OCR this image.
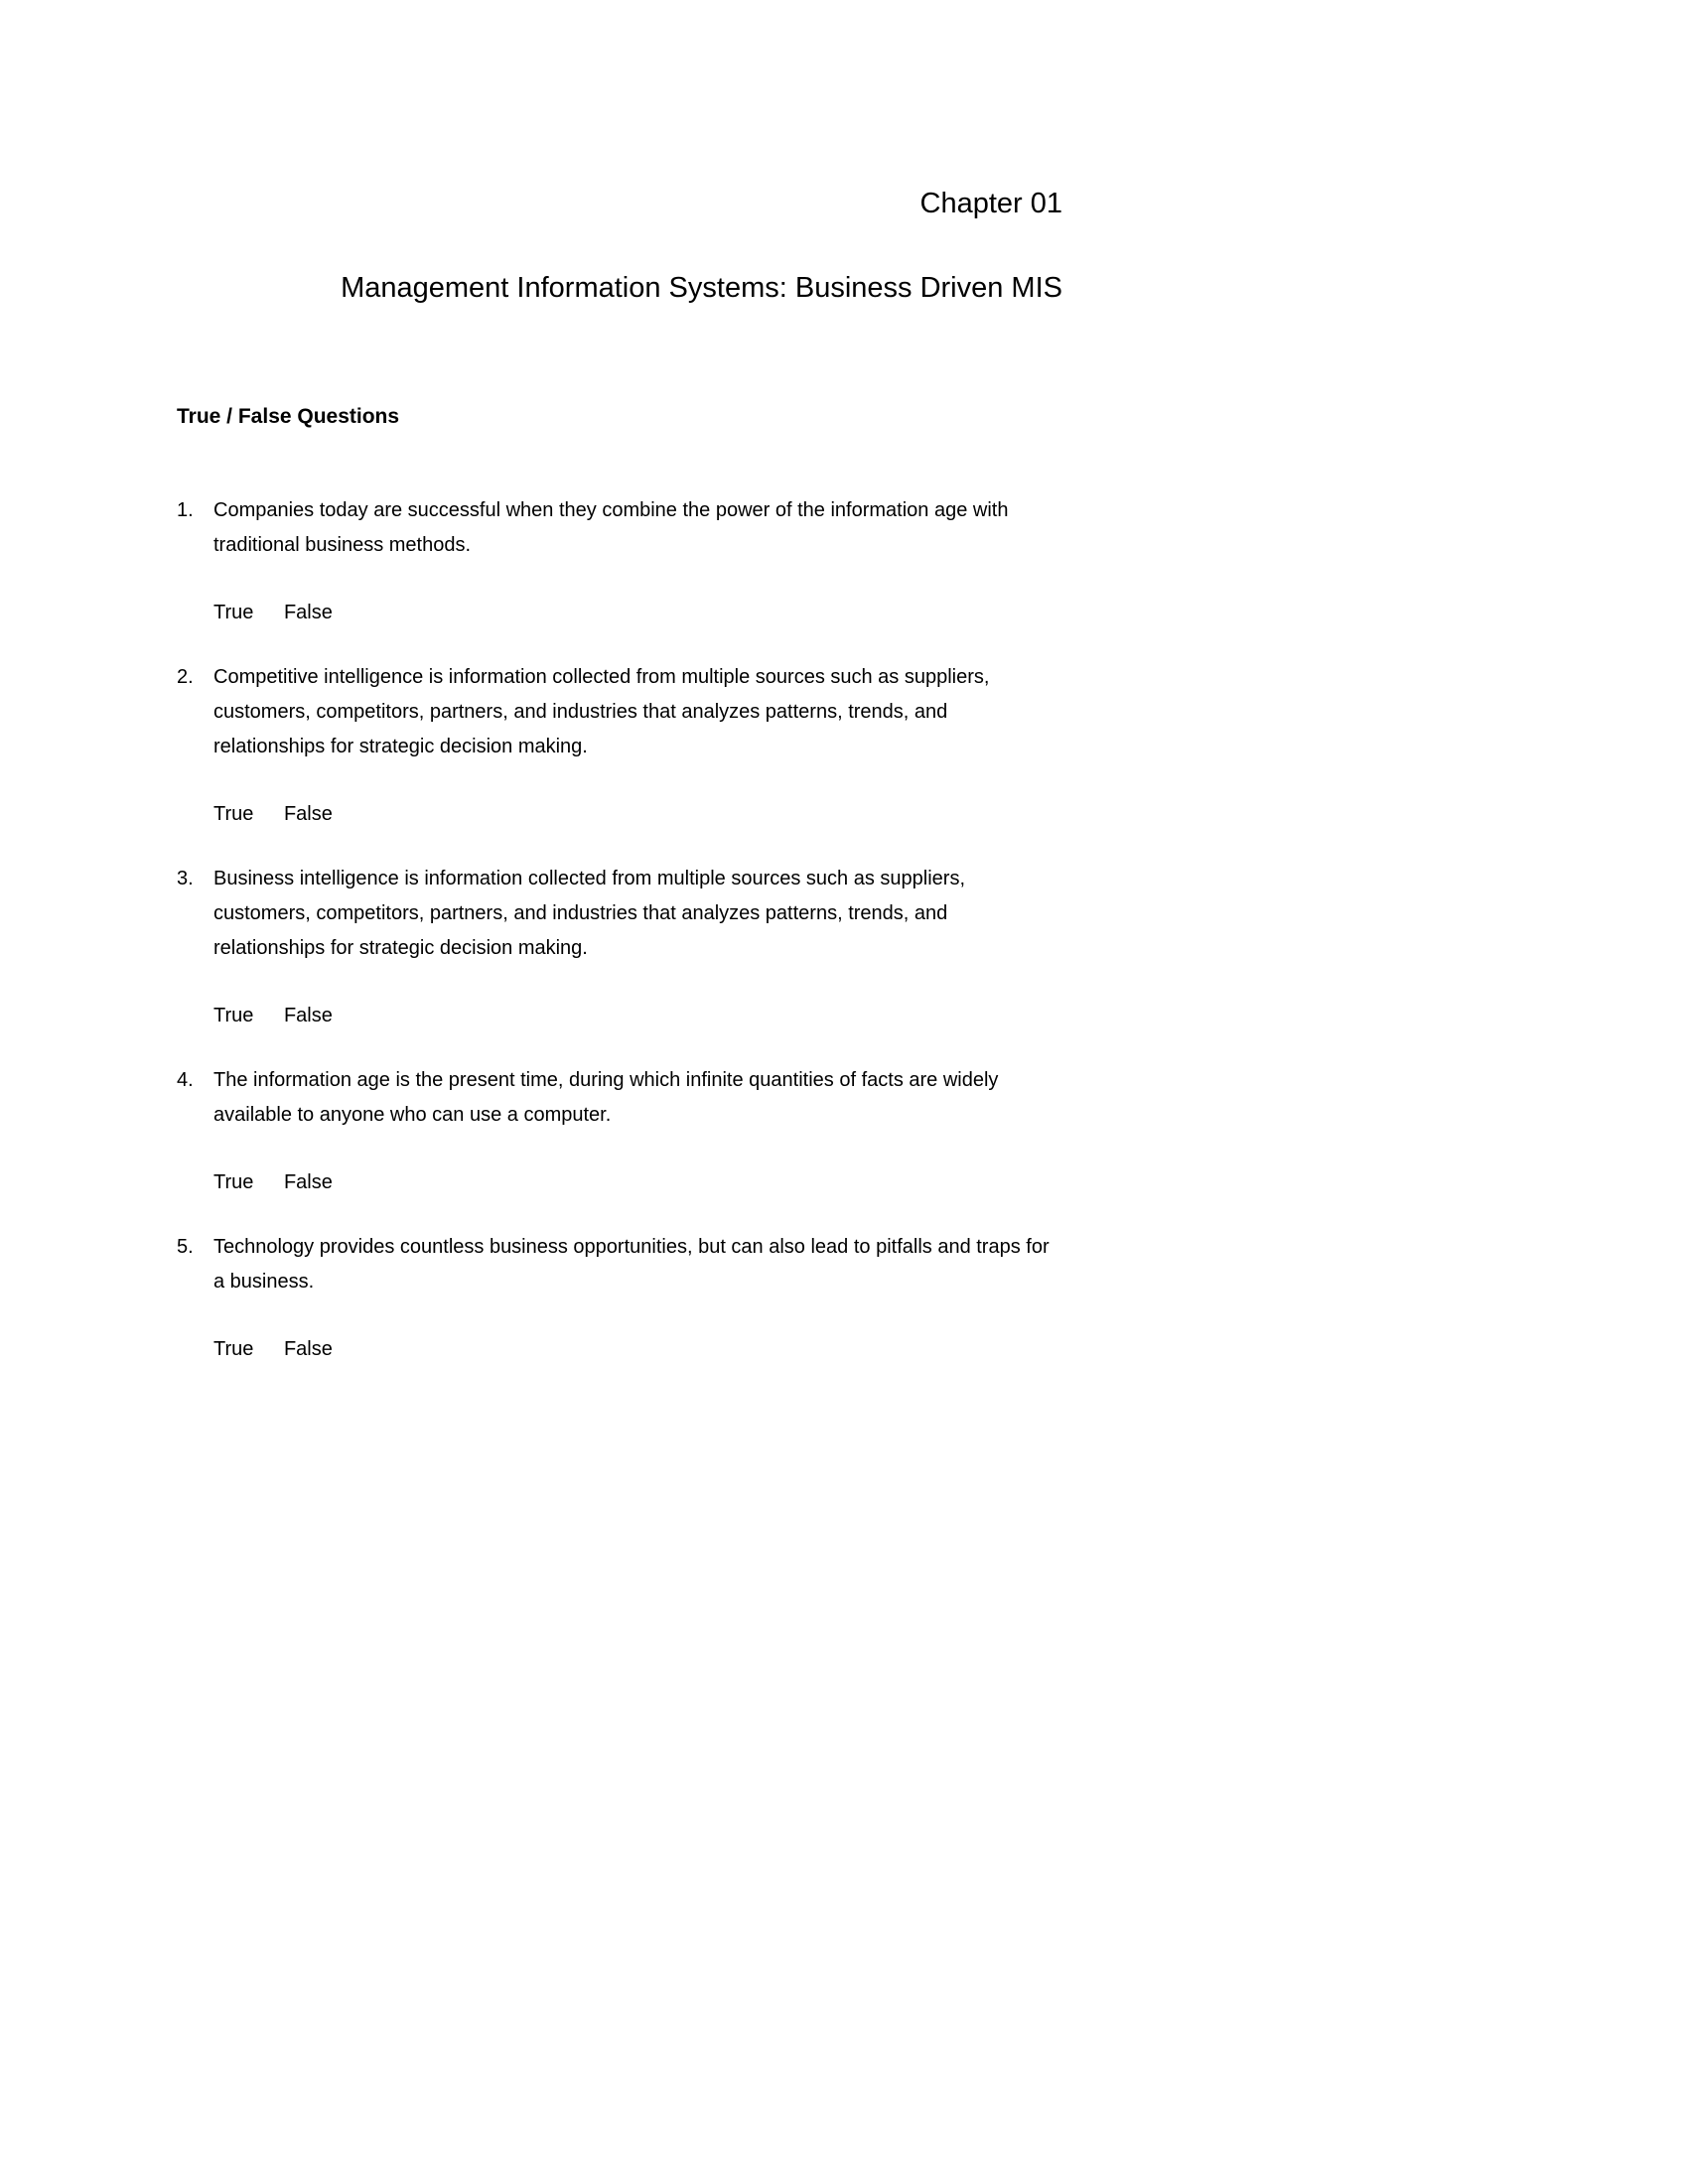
Chapter 01
Management Information Systems: Business Driven MIS
True / False Questions
1.	Companies today are successful when they combine the power of the information age with traditional business methods.
True False
2.	Competitive intelligence is information collected from multiple sources such as suppliers, customers, competitors, partners, and industries that analyzes patterns, trends, and relationships for strategic decision making.
True False
3.	Business intelligence is information collected from multiple sources such as suppliers, customers, competitors, partners, and industries that analyzes patterns, trends, and relationships for strategic decision making.
True False
4.	The information age is the present time, during which infinite quantities of facts are widely available to anyone who can use a computer.
True False
5.	Technology provides countless business opportunities, but can also lead to pitfalls and traps for a business.
True False
